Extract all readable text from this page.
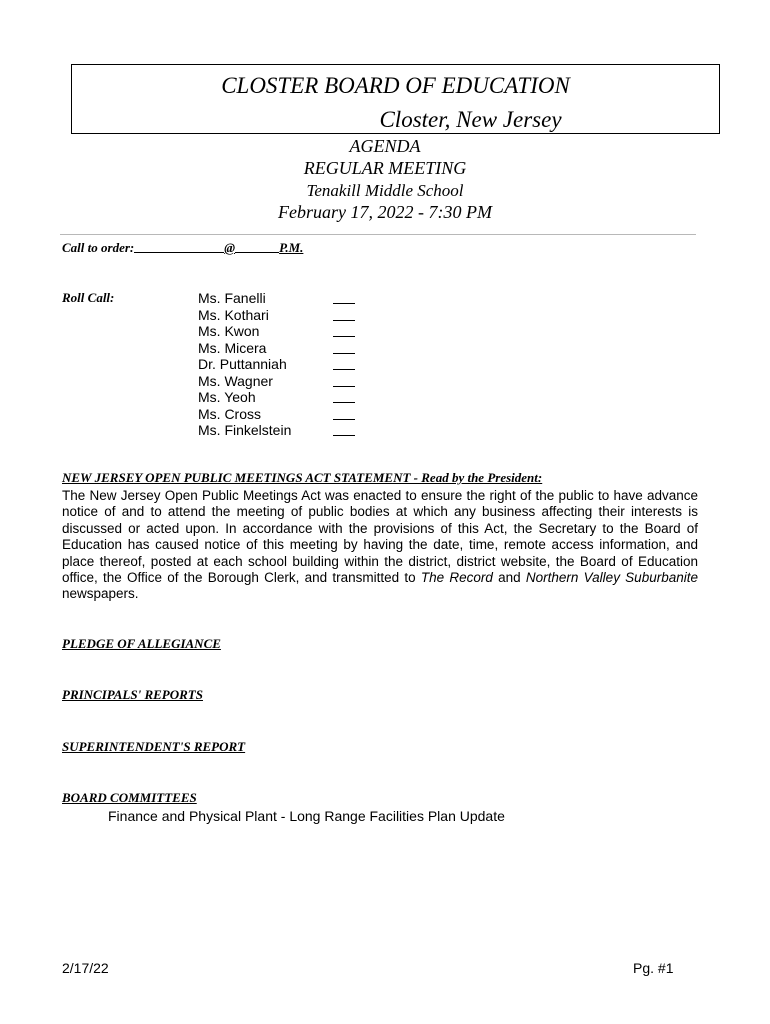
CLOSTER BOARD OF EDUCATION
Closter, New Jersey
AGENDA
REGULAR MEETING
Tenakill Middle School
February 17, 2022 - 7:30 PM
Call to order:	@	P.M.
Roll Call:	Ms. Fanelli
Ms. Kothari
Ms. Kwon
Ms. Micera
Dr. Puttanniah
Ms. Wagner
Ms. Yeoh
Ms. Cross
Ms. Finkelstein
NEW JERSEY OPEN PUBLIC MEETINGS ACT STATEMENT - Read by the President:

The New Jersey Open Public Meetings Act was enacted to ensure the right of the public to have advance notice of and to attend the meeting of public bodies at which any business affecting their interests is discussed or acted upon. In accordance with the provisions of this Act, the Secretary to the Board of Education has caused notice of this meeting by having the date, time, remote access information, and place thereof, posted at each school building within the district, district website, the Board of Education office, the Office of the Borough Clerk, and transmitted to The Record and Northern Valley Suburbanite newspapers.

PLEDGE OF ALLEGIANCE
PRINCIPALS' REPORTS
SUPERINTENDENT'S REPORT
BOARD COMMITTEES
Finance and Physical Plant - Long Range Facilities Plan Update
2/17/22	Pg. #1
